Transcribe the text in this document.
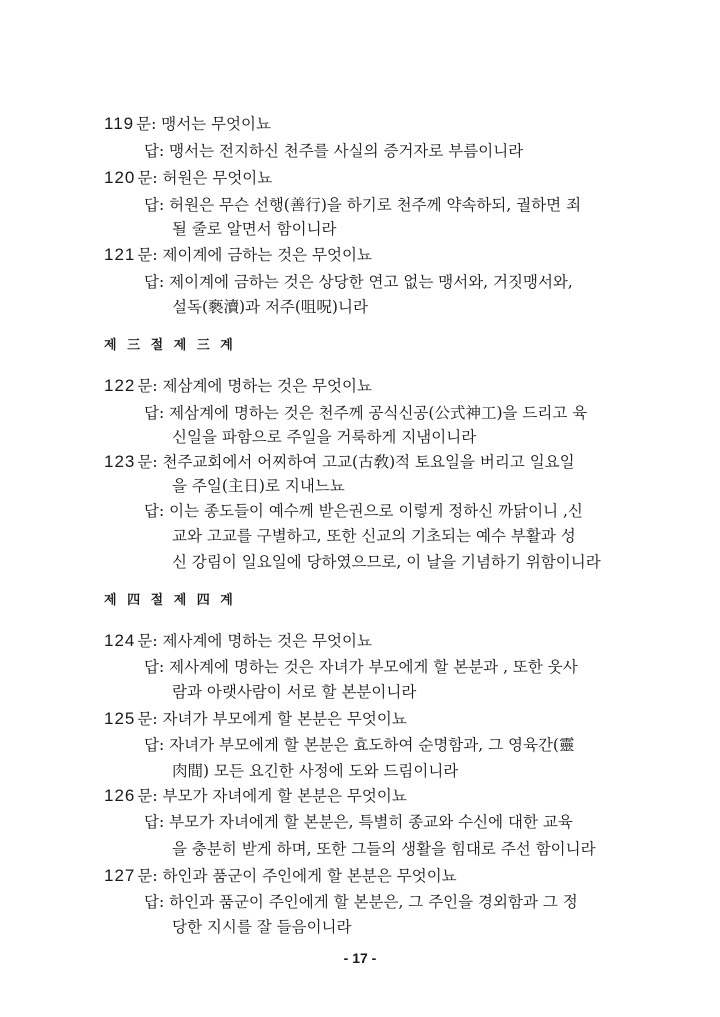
119 문: 맹서는 무엇이뇨
답: 맹서는 전지하신 천주를 사실의 증거자로 부름이니라
120 문: 허원은 무엇이뇨
답: 허원은 무슨 선행(善行)을 하기로 천주께 약속하되, 궐하면 죄
될 줄로 알면서 함이니라
121 문: 제이계에 금하는 것은 무엇이뇨
답: 제이계에 금하는 것은 상당한 연고 없는 맹서와, 거짓맹서와,
설독(褻瀆)과 저주(咀呪)니라
제 三 절 제 三 계
122 문: 제삼계에 명하는 것은 무엇이뇨
답: 제삼계에 명하는 것은 천주께 공식신공(公式神工)을 드리고 육
신일을 파함으로 주일을 거룩하게 지냄이니라
123 문: 천주교회에서 어찌하여 고교(古敎)적 토요일을 버리고 일요일
을 주일(主日)로 지내느뇨
답: 이는 종도들이 예수께 받은권으로 이렇게 정하신 까닭이니 ,신
교와 고교를 구별하고, 또한 신교의 기초되는 예수 부활과 성
신 강림이 일요일에 당하였으므로, 이 날을 기념하기 위함이니라
제 四 절 제 四 계
124 문: 제사계에 명하는 것은 무엇이뇨
답: 제사계에 명하는 것은 자녀가 부모에게 할 본분과 , 또한 웃사
람과 아랫사람이 서로 할 본분이니라
125 문: 자녀가 부모에게 할 본분은 무엇이뇨
답: 자녀가 부모에게 할 본분은 효도하여 순명함과, 그 영육간(靈
肉間) 모든 요긴한 사정에 도와 드림이니라
126 문: 부모가 자녀에게 할 본분은 무엇이뇨
답: 부모가 자녀에게 할 본분은, 특별히 종교와 수신에 대한 교육
을 충분히 받게 하며, 또한 그들의 생활을 힘대로 주선 함이니라
127 문: 하인과 품군이 주인에게 할 본분은 무엇이뇨
답: 하인과 품군이 주인에게 할 본분은, 그 주인을 경외함과 그 정
당한 지시를 잘 들음이니라
- 17 -
